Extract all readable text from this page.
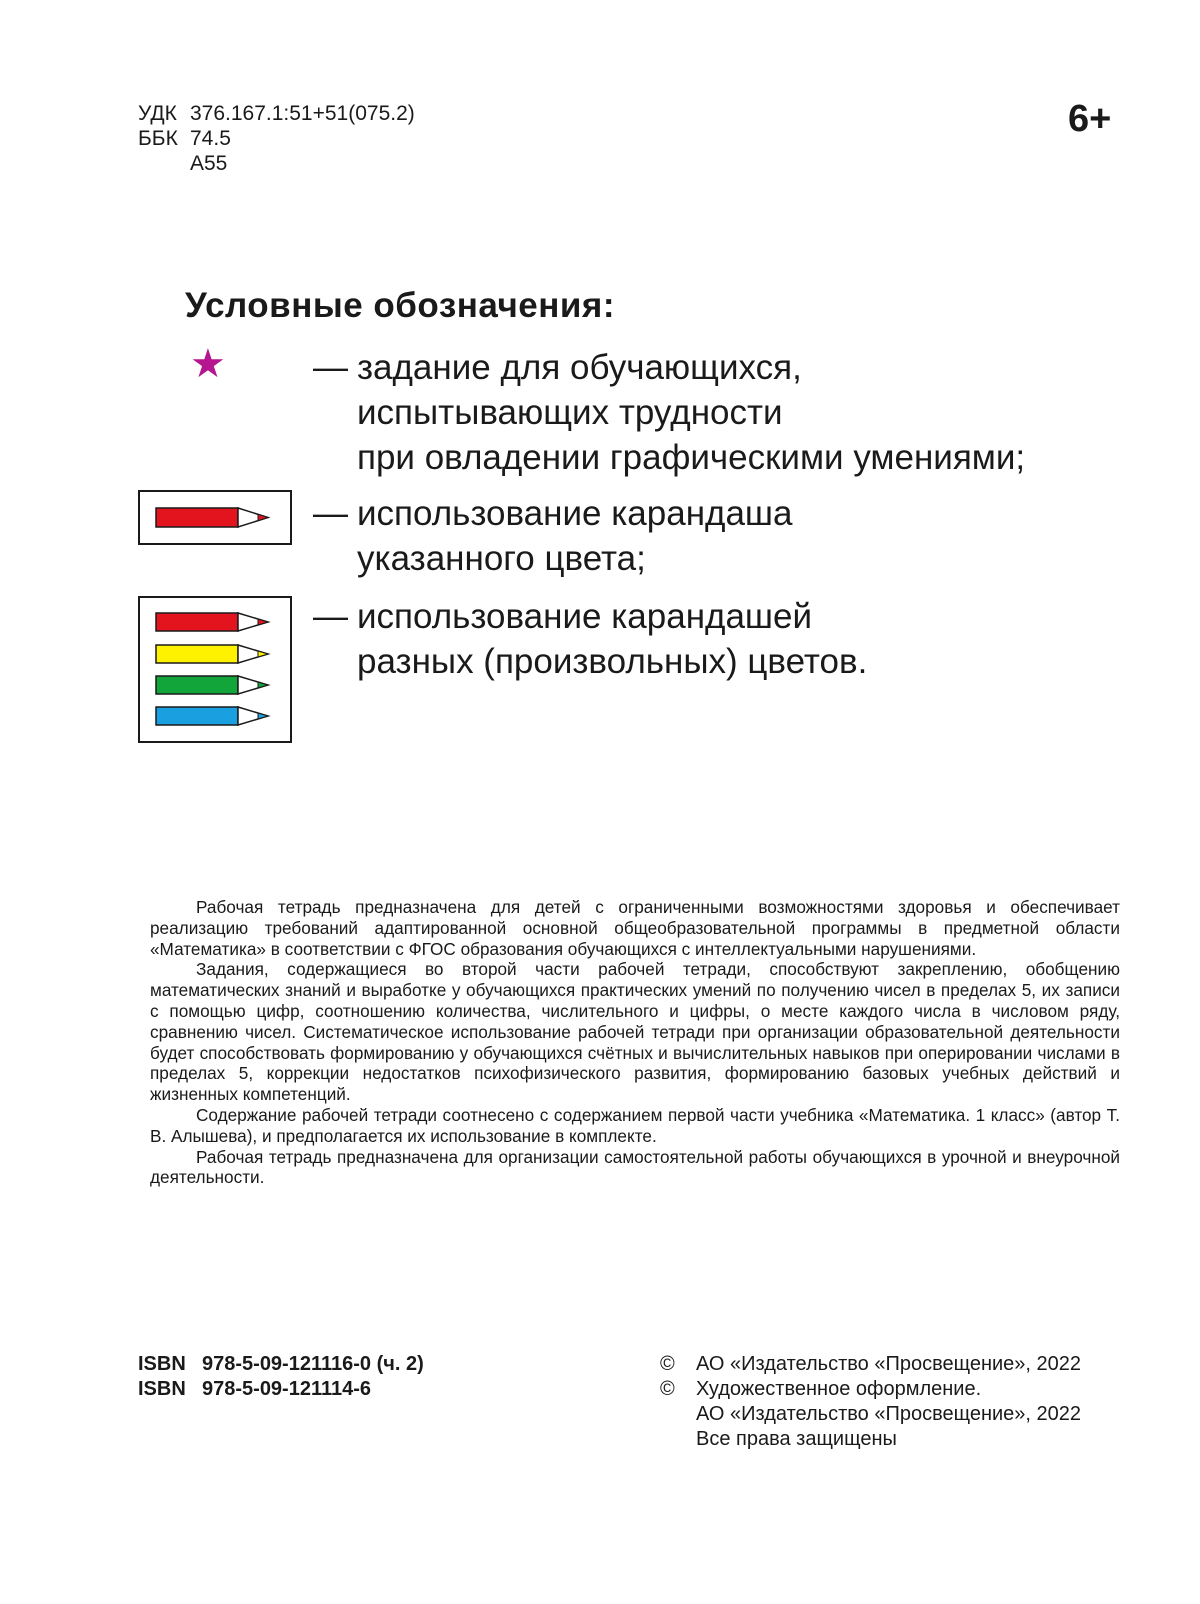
УДК 376.167.1:51+51(075.2)
ББК 74.5
А55
6+
Условные обозначения:
★ — задание для обучающихся,
испытывающих трудности
при овладении графическими умениями;
— использование карандаша
указанного цвета;
— использование карандашей
разных (произвольных) цветов.

Рабочая тетрадь предназначена для детей с ограниченными возможностями здоровья и обеспечивает реализацию требований адаптированной основной общеобразовательной программы в предметной области «Математика» в соответствии с ФГОС образования обучающихся с интеллектуальными нарушениями.

Задания, содержащиеся во второй части рабочей тетради, способствуют закреплению, обобщению математических знаний и выработке у обучающихся практических умений по получению чисел в пределах 5, их записи с помощью цифр, соотношению количества, числительного и цифры, о месте каждого числа в числовом ряду, сравнению чисел. Систематическое использование рабочей тетради при организации образовательной деятельности будет способствовать формированию у обучающихся счётных и вычислительных навыков при оперировании числами в пределах 5, коррекции недостатков психофизического развития, формированию базовых учебных действий и жизненных компетенций.

Содержание рабочей тетради соотнесено с содержанием первой части учебника «Математика. 1 класс» (автор Т. В. Алышева), и предполагается их использование в комплекте.

Рабочая тетрадь предназначена для организации самостоятельной работы обучающихся в урочной и внеурочной деятельности.

ISBN 978-5-09-121116-0 (ч. 2)
ISBN 978-5-09-121114-6
©	АО «Издательство «Просвещение», 2022
©	Художественное оформление.
АО «Издательство «Просвещение», 2022
Все права защищены
